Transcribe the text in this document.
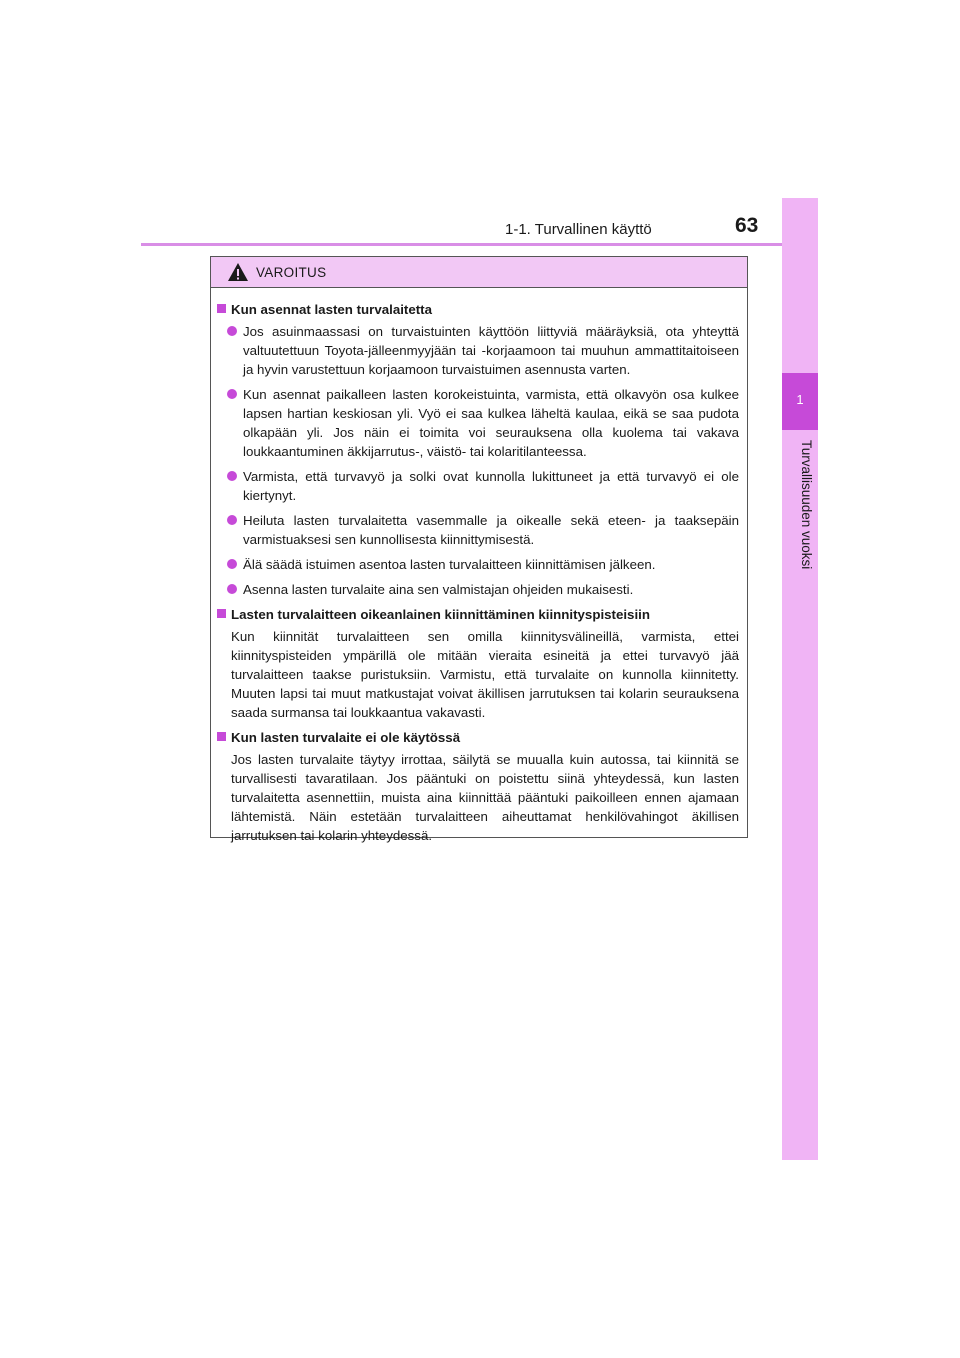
1-1. Turvallinen käyttö	63
1
Turvallisuuden vuoksi
VAROITUS
Kun asennat lasten turvalaitetta
Jos asuinmaassasi on turvaistuinten käyttöön liittyviä määräyksiä, ota yhteyttä valtuutettuun Toyota-jälleenmyyjään tai -korjaamoon tai muuhun ammattitaitoiseen ja hyvin varustettuun korjaamoon turvaistuimen asennusta varten.
Kun asennat paikalleen lasten korokeistuinta, varmista, että olkavyön osa kulkee lapsen hartian keskiosan yli. Vyö ei saa kulkea läheltä kaulaa, eikä se saa pudota olkapään yli. Jos näin ei toimita voi seurauksena olla kuolema tai vakava loukkaantuminen äkkijarrutus-, väistö- tai kolaritilanteessa.
Varmista, että turvavyö ja solki ovat kunnolla lukittuneet ja että turvavyö ei ole kiertynyt.
Heiluta lasten turvalaitetta vasemmalle ja oikealle sekä eteen- ja taaksepäin varmistuaksesi sen kunnollisesta kiinnittymisestä.
Älä säädä istuimen asentoa lasten turvalaitteen kiinnittämisen jälkeen.
Asenna lasten turvalaite aina sen valmistajan ohjeiden mukaisesti.
Lasten turvalaitteen oikeanlainen kiinnittäminen kiinnityspisteisiin
Kun kiinnität turvalaitteen sen omilla kiinnitysvälineillä, varmista, ettei kiinnityspisteiden ympärillä ole mitään vieraita esineitä ja ettei turvavyö jää turvalaitteen taakse puristuksiin. Varmistu, että turvalaite on kunnolla kiinnitetty. Muuten lapsi tai muut matkustajat voivat äkillisen jarrutuksen tai kolarin seurauksena saada surmansa tai loukkaantua vakavasti.
Kun lasten turvalaite ei ole käytössä
Jos lasten turvalaite täytyy irrottaa, säilytä se muualla kuin autossa, tai kiinnitä se turvallisesti tavaratilaan. Jos pääntuki on poistettu siinä yhteydessä, kun lasten turvalaitetta asennettiin, muista aina kiinnittää pääntuki paikoilleen ennen ajamaan lähtemistä. Näin estetään turvalaitteen aiheuttamat henkilövahingot äkillisen jarrutuksen tai kolarin yhteydessä.
